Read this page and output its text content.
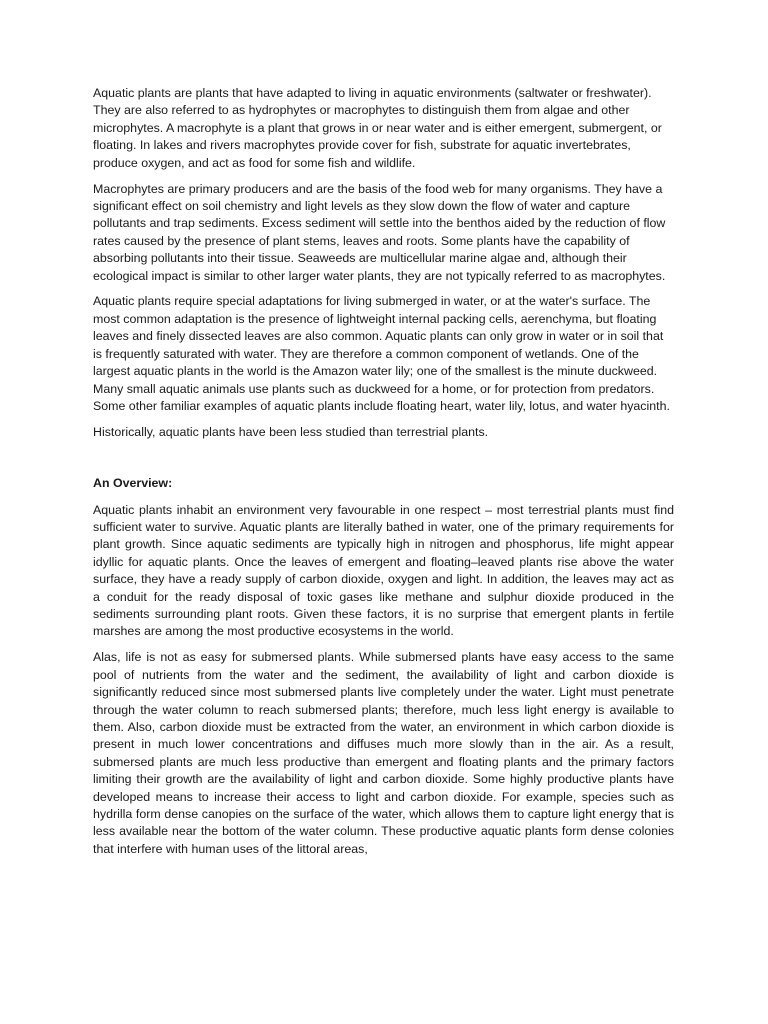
Aquatic plants are plants that have adapted to living in aquatic environments (saltwater or freshwater). They are also referred to as hydrophytes or macrophytes to distinguish them from algae and other microphytes. A macrophyte is a plant that grows in or near water and is either emergent, submergent, or floating. In lakes and rivers macrophytes provide cover for fish, substrate for aquatic invertebrates, produce oxygen, and act as food for some fish and wildlife.

Macrophytes are primary producers and are the basis of the food web for many organisms. They have a significant effect on soil chemistry and light levels as they slow down the flow of water and capture pollutants and trap sediments. Excess sediment will settle into the benthos aided by the reduction of flow rates caused by the presence of plant stems, leaves and roots. Some plants have the capability of absorbing pollutants into their tissue. Seaweeds are multicellular marine algae and, although their ecological impact is similar to other larger water plants, they are not typically referred to as macrophytes.

Aquatic plants require special adaptations for living submerged in water, or at the water's surface. The most common adaptation is the presence of lightweight internal packing cells, aerenchyma, but floating leaves and finely dissected leaves are also common. Aquatic plants can only grow in water or in soil that is frequently saturated with water. They are therefore a common component of wetlands. One of the largest aquatic plants in the world is the Amazon water lily; one of the smallest is the minute duckweed. Many small aquatic animals use plants such as duckweed for a home, or for protection from predators. Some other familiar examples of aquatic plants include floating heart, water lily, lotus, and water hyacinth.

Historically, aquatic plants have been less studied than terrestrial plants.

An Overview:

Aquatic plants inhabit an environment very favourable in one respect – most terrestrial plants must find sufficient water to survive. Aquatic plants are literally bathed in water, one of the primary requirements for plant growth. Since aquatic sediments are typically high in nitrogen and phosphorus, life might appear idyllic for aquatic plants. Once the leaves of emergent and floating–leaved plants rise above the water surface, they have a ready supply of carbon dioxide, oxygen and light. In addition, the leaves may act as a conduit for the ready disposal of toxic gases like methane and sulphur dioxide produced in the sediments surrounding plant roots. Given these factors, it is no surprise that emergent plants in fertile marshes are among the most productive ecosystems in the world.

Alas, life is not as easy for submersed plants. While submersed plants have easy access to the same pool of nutrients from the water and the sediment, the availability of light and carbon dioxide is significantly reduced since most submersed plants live completely under the water. Light must penetrate through the water column to reach submersed plants; therefore, much less light energy is available to them. Also, carbon dioxide must be extracted from the water, an environment in which carbon dioxide is present in much lower concentrations and diffuses much more slowly than in the air. As a result, submersed plants are much less productive than emergent and floating plants and the primary factors limiting their growth are the availability of light and carbon dioxide. Some highly productive plants have developed means to increase their access to light and carbon dioxide. For example, species such as hydrilla form dense canopies on the surface of the water, which allows them to capture light energy that is less available near the bottom of the water column. These productive aquatic plants form dense colonies that interfere with human uses of the littoral areas,
